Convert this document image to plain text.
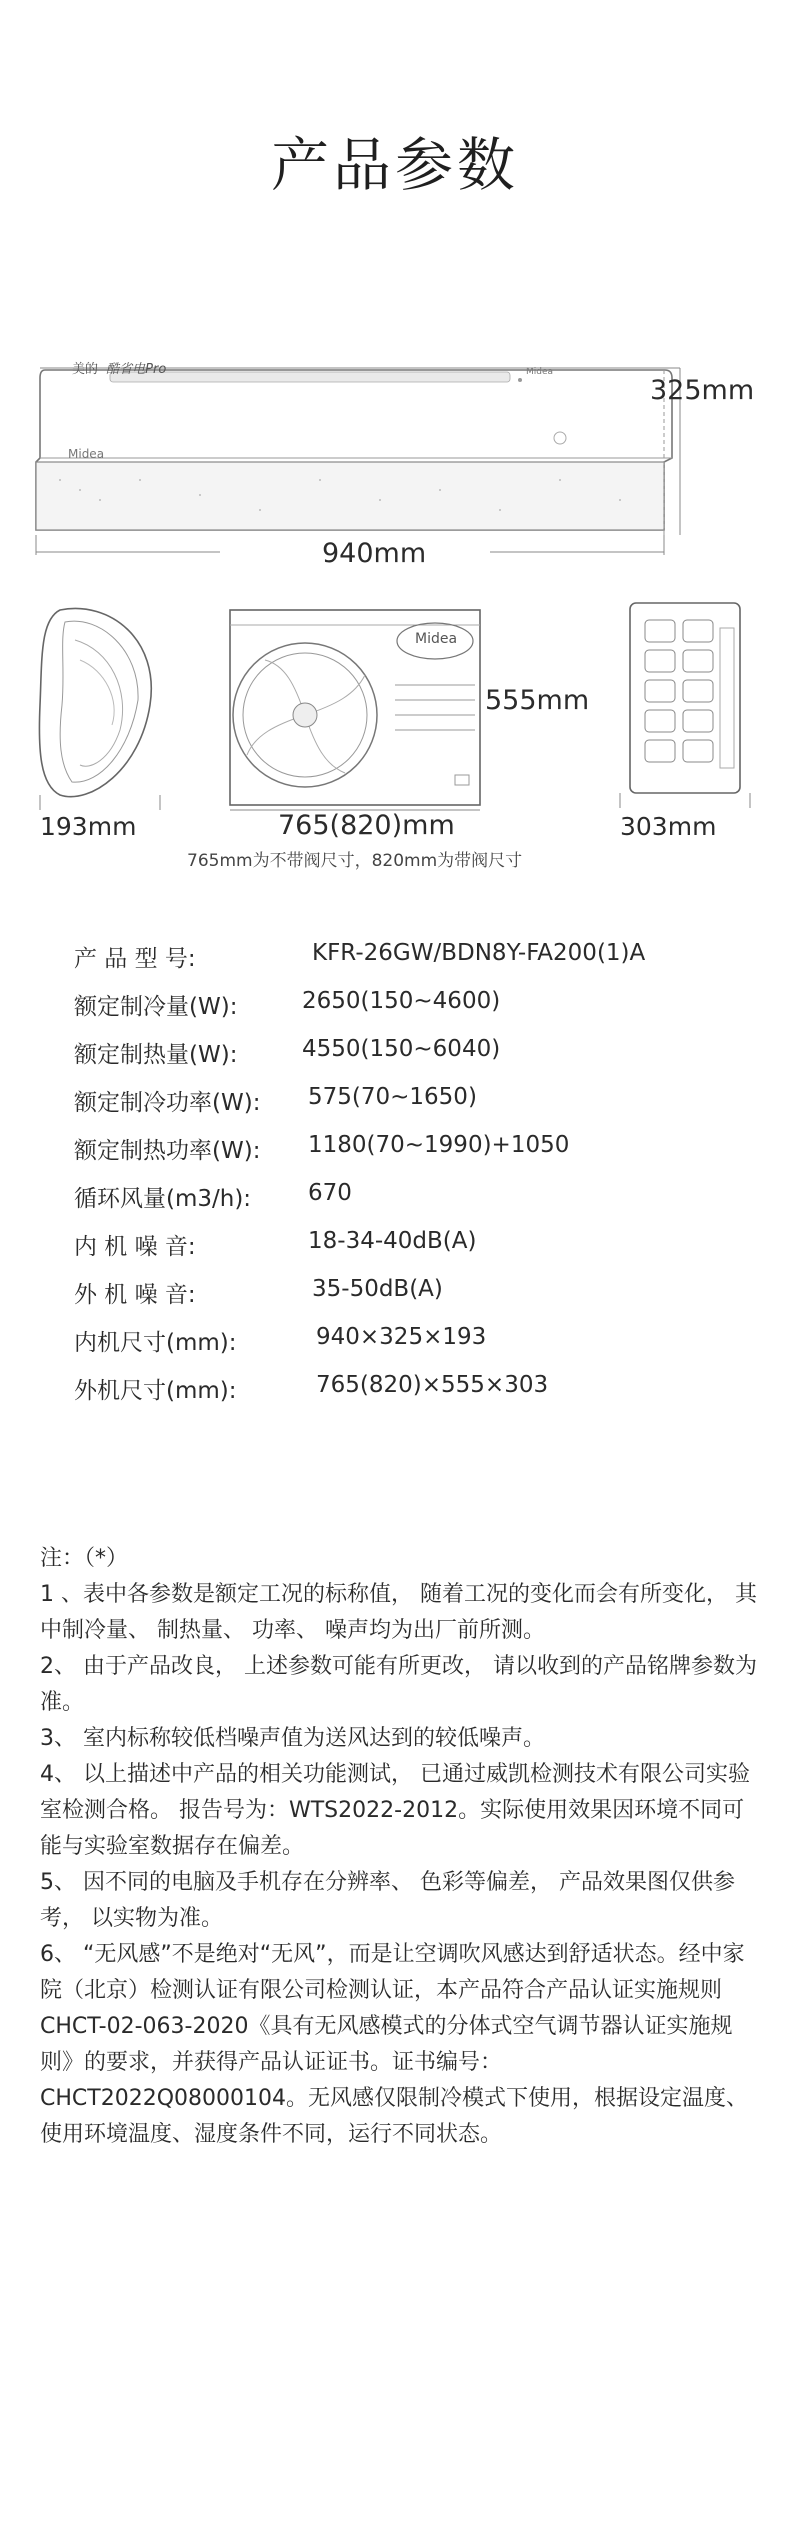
产品参数
美的 酷省电Pro
Midea
Midea
325mm
940mm
193mm
Midea
555mm
765(820)mm
765mm为不带阀尺寸，820mm为带阀尺寸
303mm
产 品 型 号:	KFR-26GW/BDN8Y-FA200(1)A
额定制冷量(W):	2650(150~4600)
额定制热量(W):	4550(150~6040)
额定制冷功率(W): 575(70~1650)
额定制热功率(W): 1180(70~1990)+1050
循环风量(m3/h): 670
内 机 噪 音:	18-34-40dB(A)
外 机 噪 音:	35-50dB(A)
内机尺寸(mm):	940×325×193
外机尺寸(mm):	765(820)×555×303

注：（*）

1 、表中各参数是额定工况的标称值， 随着工况的变化而会有所变化， 其中制冷量、 制热量、 功率、 噪声均为出厂前所测。

2、 由于产品改良， 上述参数可能有所更改， 请以收到的产品铭牌参数为准。

3、 室内标称较低档噪声值为送风达到的较低噪声。

4、 以上描述中产品的相关功能测试， 已通过威凯检测技术有限公司实验室检测合格。 报告号为：WTS2022-2012。实际使用效果因环境不同可能与实验室数据存在偏差。

5、 因不同的电脑及手机存在分辨率、 色彩等偏差， 产品效果图仅供参考， 以实物为准。

6、 “无风感”不是绝对“无风”，而是让空调吹风感达到舒适状态。经中家院（北京）检测认证有限公司检测认证，本产品符合产品认证实施规则CHCT-02-063-2020《具有无风感模式的分体式空气调节器认证实施规则》的要求，并获得产品认证证书。证书编号：CHCT2022Q08000104。无风感仅限制冷模式下使用，根据设定温度、使用环境温度、湿度条件不同，运行不同状态。
